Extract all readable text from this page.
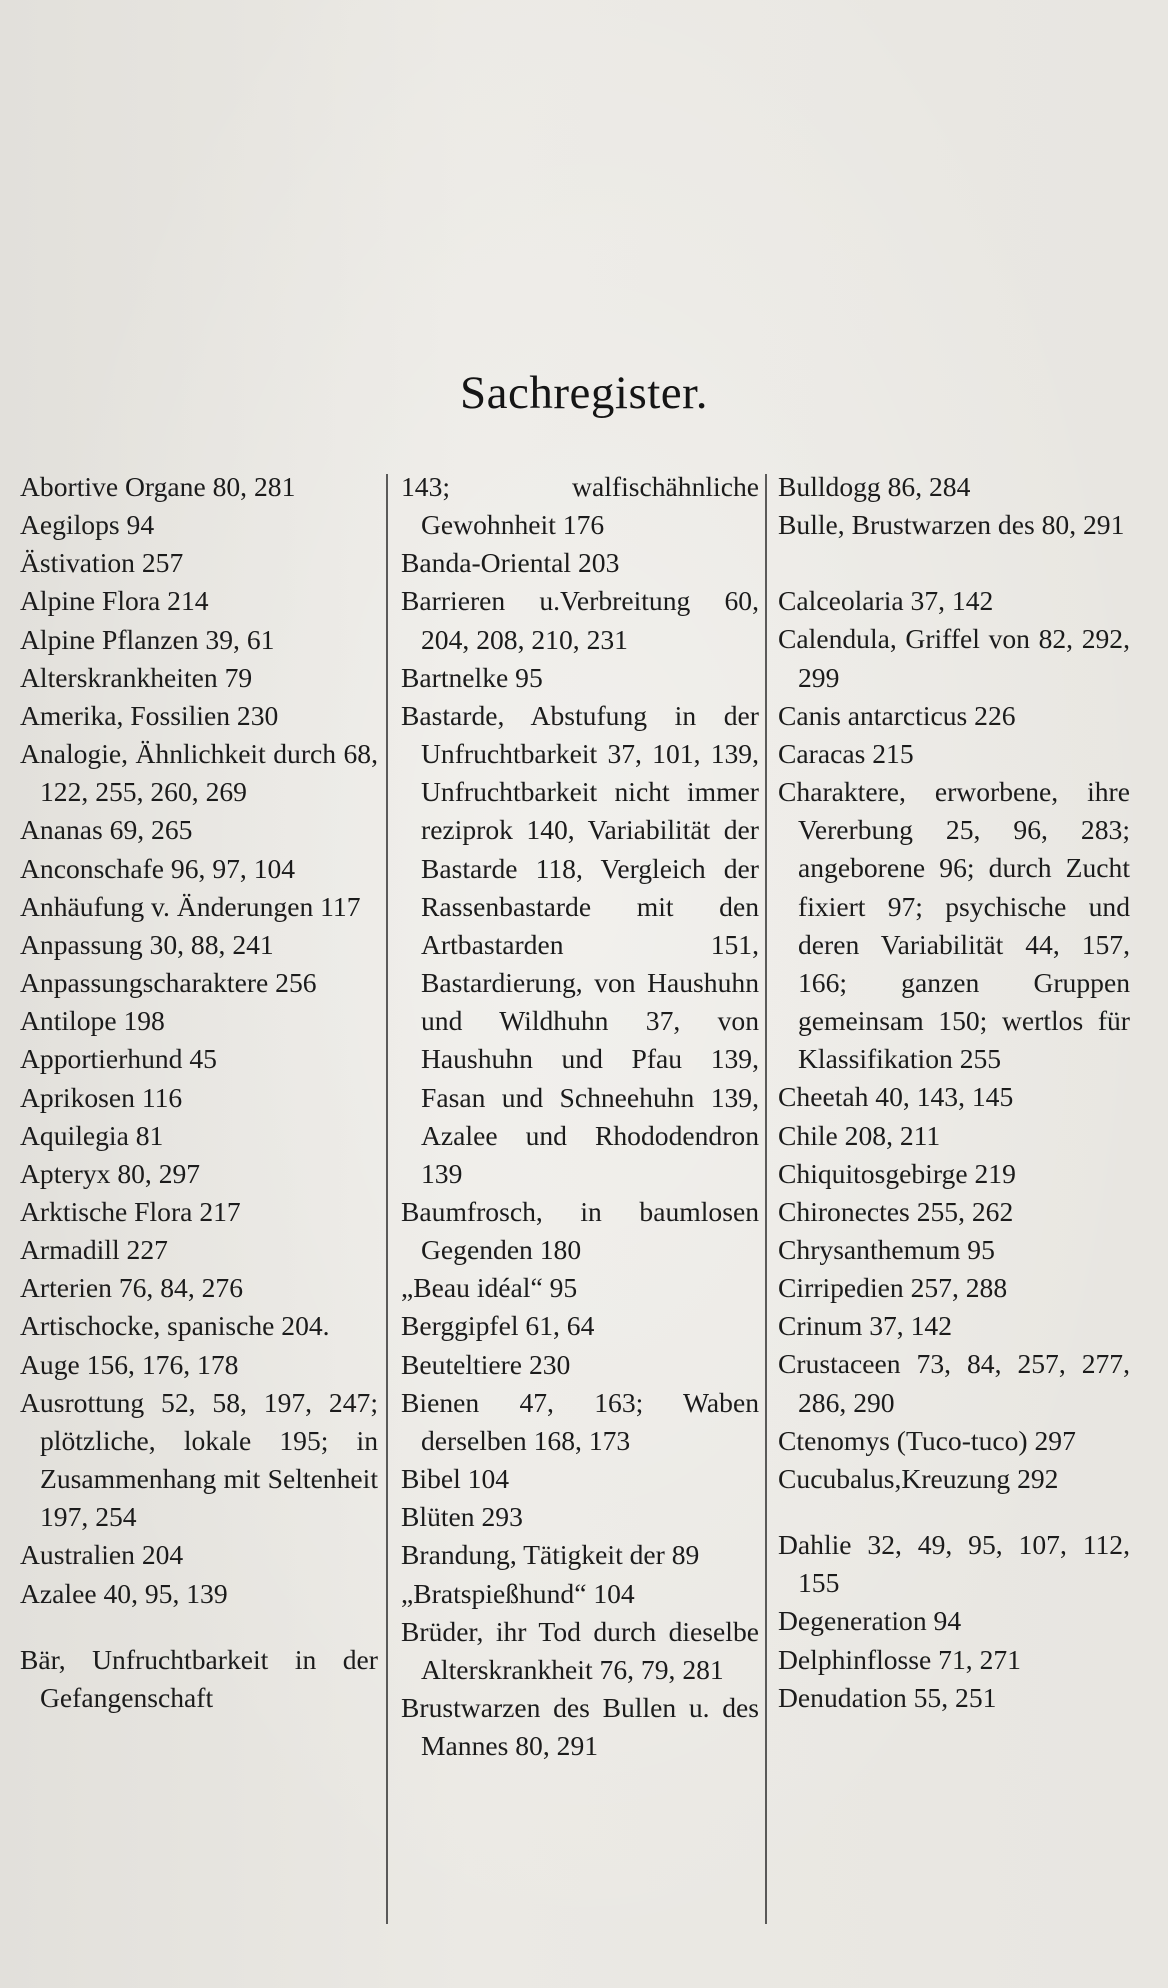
Sachregister.
Abortive Organe 80, 281
Aegilops 94
Ästivation 257
Alpine Flora 214
Alpine Pflanzen 39, 61
Alterskrankheiten 79
Amerika, Fossilien 230
Analogie, Ähnlichkeit durch 68, 122, 255, 260, 269
Ananas 69, 265
Anconschafe 96, 97, 104
Anhäufung v. Änderungen 117
Anpassung 30, 88, 241
Anpassungscharaktere 256
Antilope 198
Apportierhund 45
Aprikosen 116
Aquilegia 81
Apteryx 80, 297
Arktische Flora 217
Armadill 227
Arterien 76, 84, 276
Artischocke, spanische 204.
Auge 156, 176, 178
Ausrottung 52, 58, 197, 247; plötzliche, lokale 195; in Zusammenhang mit Seltenheit 197, 254
Australien 204
Azalee 40, 95, 139
Bär, Unfruchtbarkeit in der Gefangenschaft
143; walfischähnliche Gewohnheit 176
Banda-Oriental 203
Barrieren u.Verbreitung 60, 204, 208, 210, 231
Bartnelke 95
Bastarde, Abstufung in der Unfruchtbarkeit 37, 101, 139, Unfruchtbarkeit nicht immer reziprok 140, Variabilität der Bastarde 118, Vergleich der Rassenbastarde mit den Artbastarden 151, Bastardierung, von Haushuhn und Wildhuhn 37, von Haushuhn und Pfau 139, Fasan und Schneehuhn 139, Azalee und Rhododendron 139
Baumfrosch, in baumlosen Gegenden 180
„Beau idéal“ 95
Berggipfel 61, 64
Beuteltiere 230
Bienen 47, 163; Waben derselben 168, 173
Bibel 104
Blüten 293
Brandung, Tätigkeit der 89
„Bratspießhund“ 104
Brüder, ihr Tod durch dieselbe Alterskrankheit 76, 79, 281
Brustwarzen des Bullen u. des Mannes 80, 291
Bulldogg 86, 284
Bulle, Brustwarzen des 80, 291
Calceolaria 37, 142
Calendula, Griffel von 82, 292, 299
Canis antarcticus 226
Caracas 215
Charaktere, erworbene, ihre Vererbung 25, 96, 283; angeborene 96; durch Zucht fixiert 97; psychische und deren Variabilität 44, 157, 166; ganzen Gruppen gemeinsam 150; wertlos für Klassifikation 255
Cheetah 40, 143, 145
Chile 208, 211
Chiquitosgebirge 219
Chironectes 255, 262
Chrysanthemum 95
Cirripedien 257, 288
Crinum 37, 142
Crustaceen 73, 84, 257, 277, 286, 290
Ctenomys (Tuco-tuco) 297
Cucubalus,Kreuzung 292
Dahlie 32, 49, 95, 107, 112, 155
Degeneration 94
Delphinflosse 71, 271
Denudation 55, 251
